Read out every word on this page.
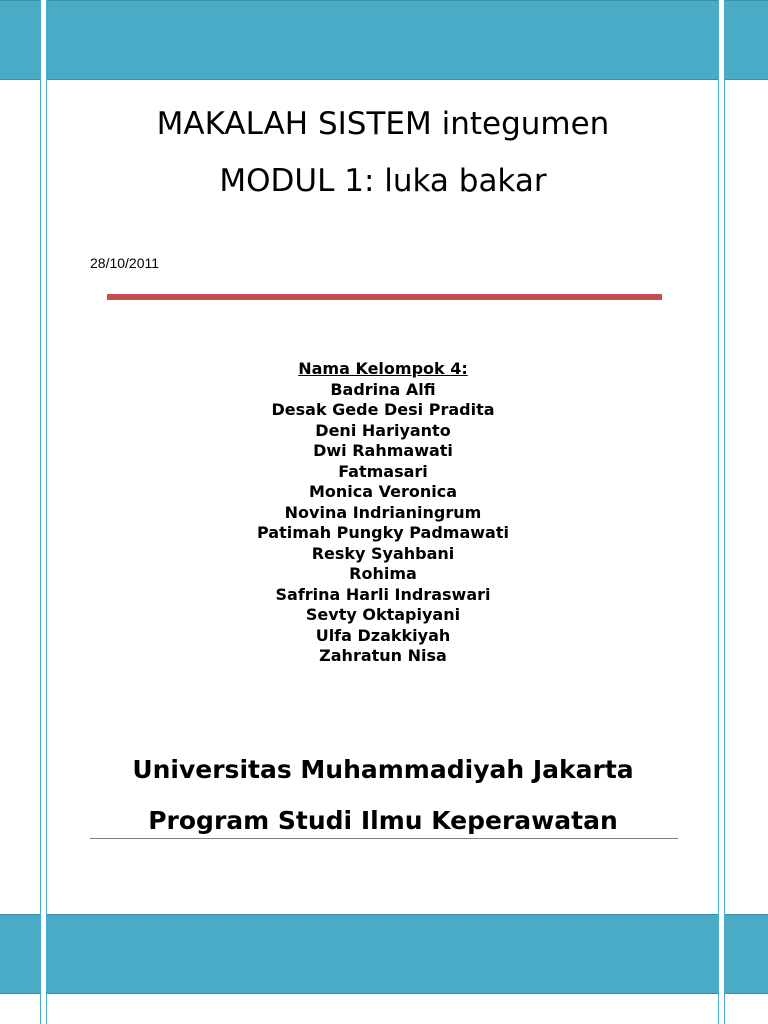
MAKALAH SISTEM integumen
MODUL 1: luka bakar
28/10/2011
Nama Kelompok 4:
Badrina Alfi
Desak Gede Desi Pradita
Deni Hariyanto
Dwi Rahmawati
Fatmasari
Monica Veronica
Novina Indrianingrum
Patimah Pungky Padmawati
Resky Syahbani
Rohima
Safrina Harli Indraswari
Sevty Oktapiyani
Ulfa Dzakkiyah
Zahratun Nisa
Universitas Muhammadiyah Jakarta
Program Studi Ilmu Keperawatan
